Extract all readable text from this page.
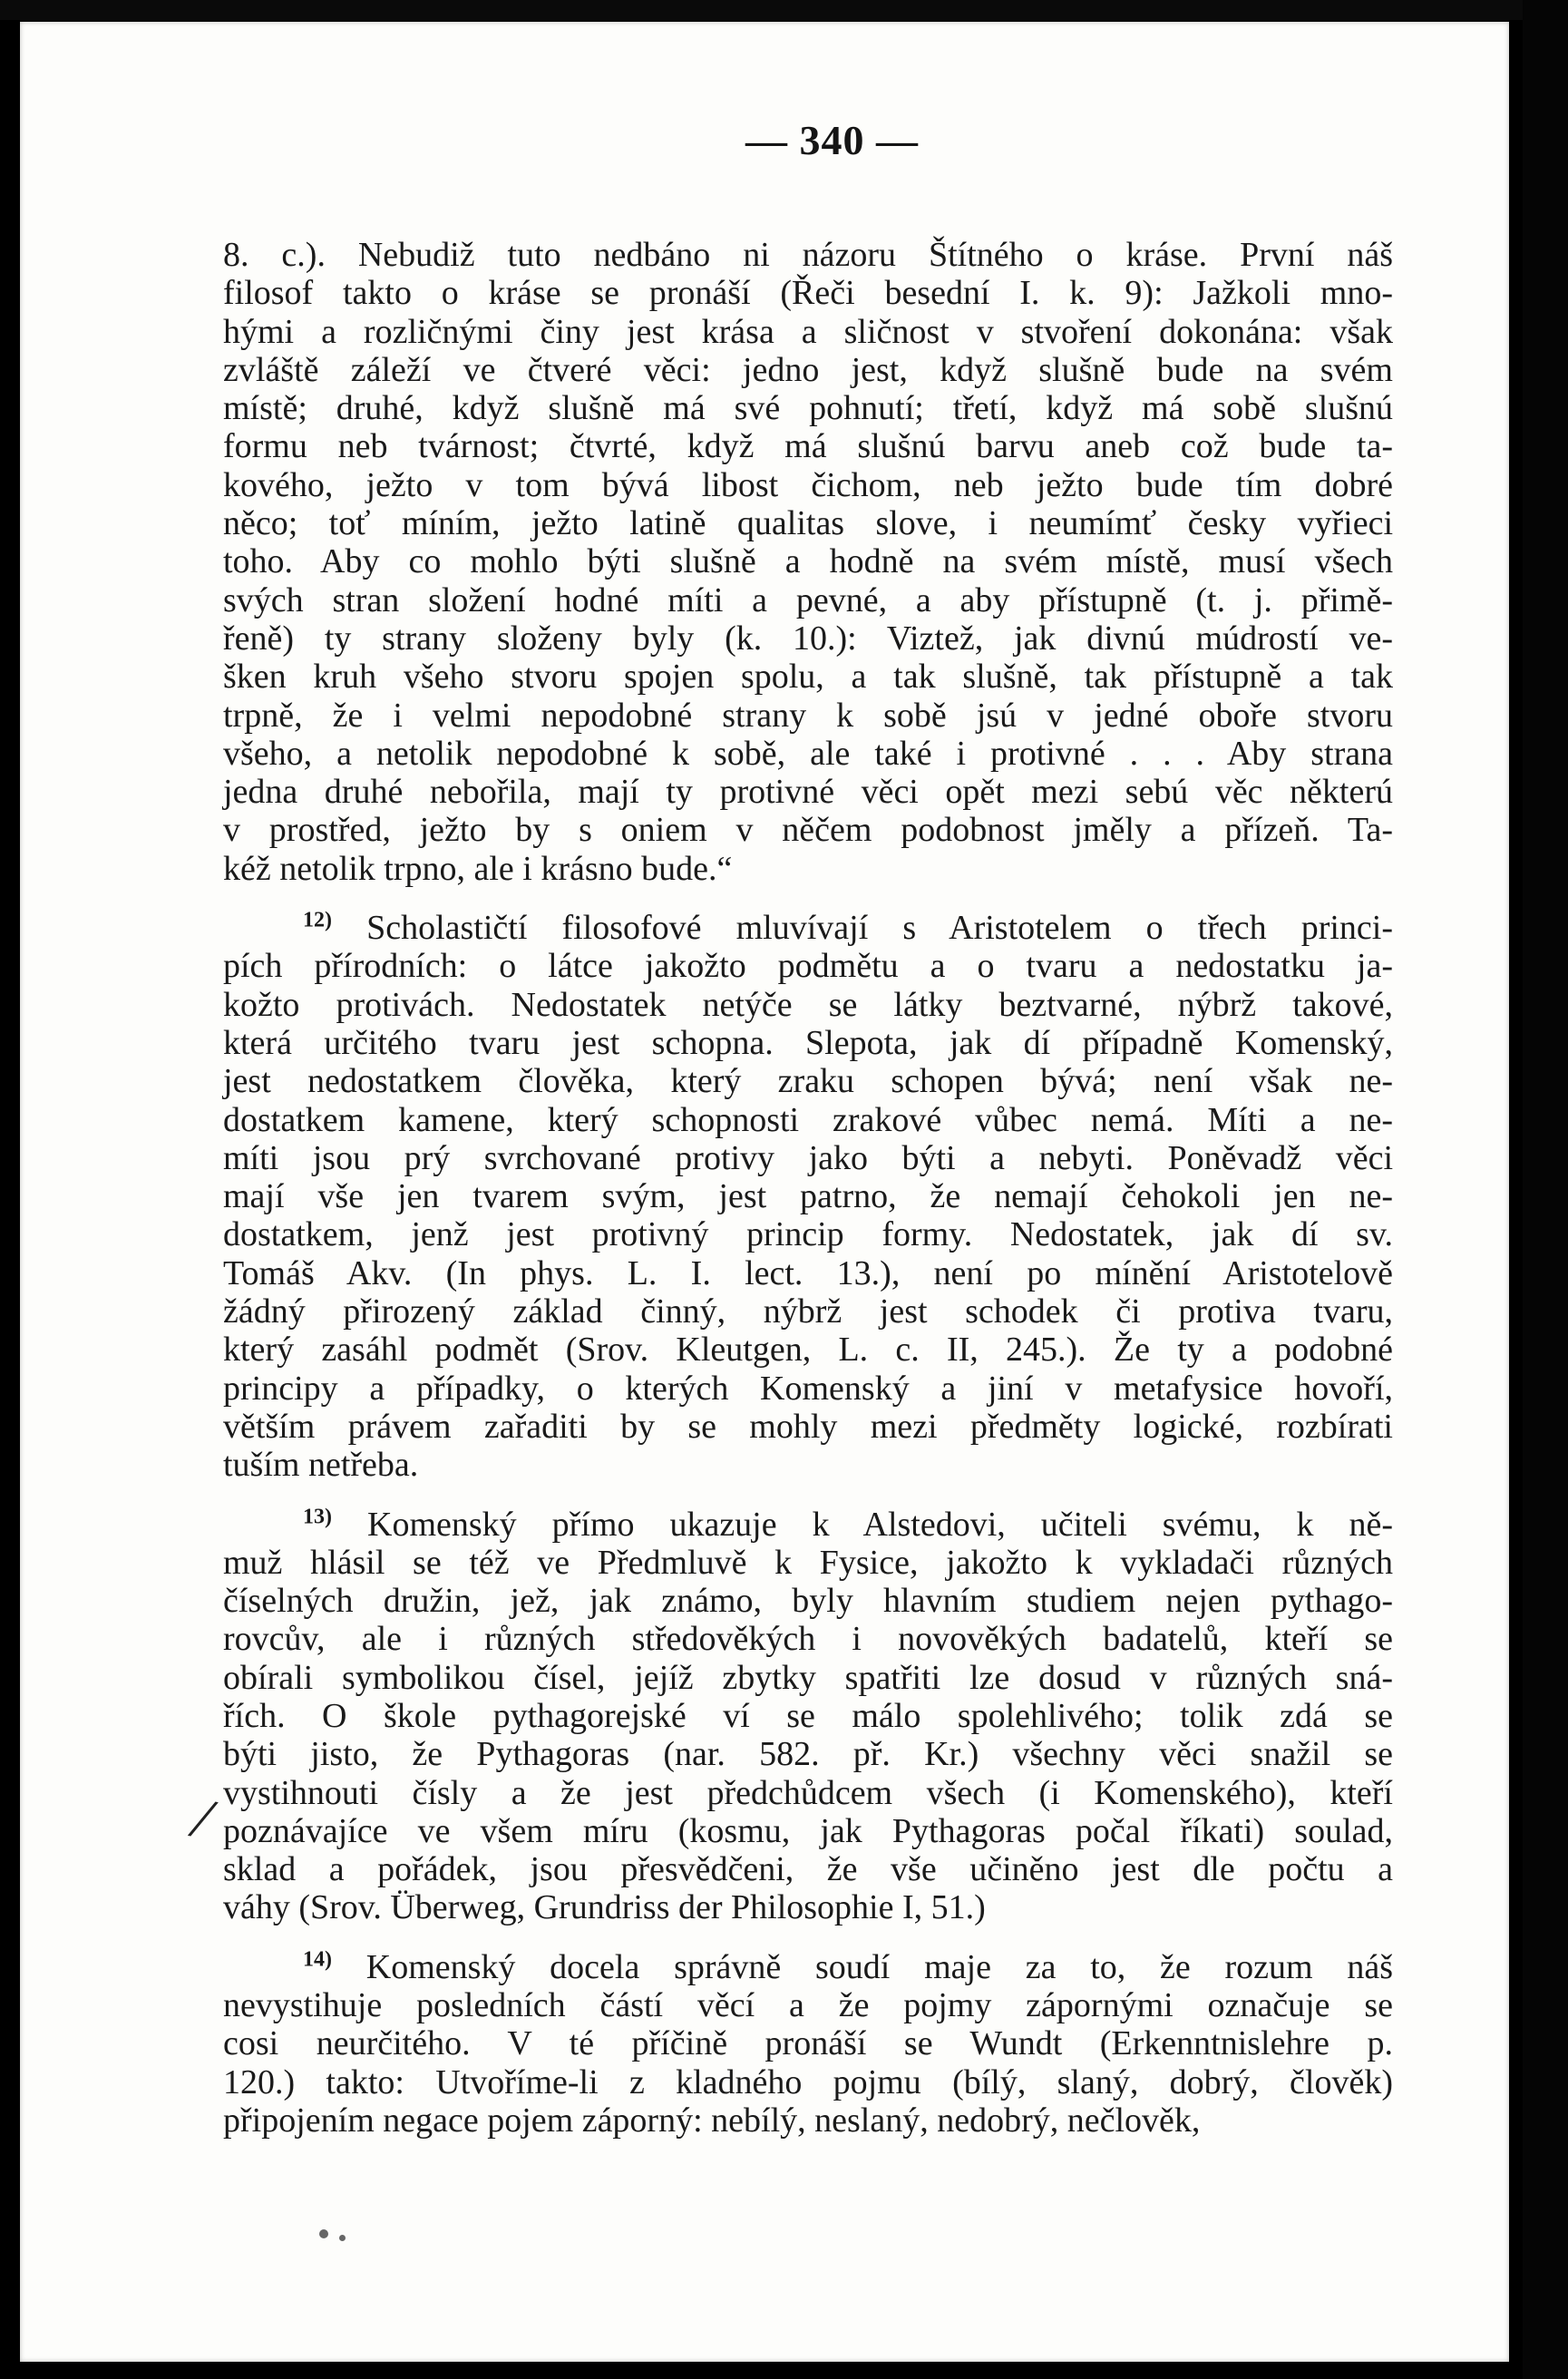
— 340 —

8. c.). Nebudiž tuto nedbáno ni názoru Štítného o kráse. První náš
filosof takto o kráse se pronáší (Řeči besední I. k. 9): Jažkoli mno-
hými a rozličnými činy jest krása a sličnost v stvoření dokonána: však
zvláště záleží ve čtveré věci: jedno jest, když slušně bude na svém
místě; druhé, když slušně má své pohnutí; třetí, když má sobě slušnú
formu neb tvárnost; čtvrté, když má slušnú barvu aneb což bude ta-
kového, ježto v tom bývá libost čichom, neb ježto bude tím dobré
něco; toť míním, ježto latině qualitas slove, i neumímť česky vyřieci
toho. Aby co mohlo býti slušně a hodně na svém místě, musí všech
svých stran složení hodné míti a pevné, a aby přístupně (t. j. přimě-
řeně) ty strany složeny byly (k. 10.): Viztež, jak divnú múdrostí ve-
šken kruh všeho stvoru spojen spolu, a tak slušně, tak přístupně a tak
trpně, že i velmi nepodobné strany k sobě jsú v jedné oboře stvoru
všeho, a netolik nepodobné k sobě, ale také i protivné . . . Aby strana
jedna druhé nebořila, mají ty protivné věci opět mezi sebú věc některú
v prostřed, ježto by s oniem v něčem podobnost jměly a přízeň. Ta-
kéž netolik trpno, ale i krásno bude.“

$^{12)}$ Scholastičtí filosofové mluvívají s Aristotelem o třech princi-
pích přírodních: o látce jakožto podmětu a o tvaru a nedostatku ja-
kožto protivách. Nedostatek netýče se látky beztvarné, nýbrž takové,
která určitého tvaru jest schopna. Slepota, jak dí případně Komenský,
jest nedostatkem člověka, který zraku schopen bývá; není však ne-
dostatkem kamene, který schopnosti zrakové vůbec nemá. Míti a ne-
míti jsou prý svrchované protivy jako býti a nebyti. Poněvadž věci
mají vše jen tvarem svým, jest patrno, že nemají čehokoli jen ne-
dostatkem, jenž jest protivný princip formy. Nedostatek, jak dí sv.
Tomáš Akv. (In phys. L. I. lect. 13.), není po mínění Aristotelově
žádný přirozený základ činný, nýbrž jest schodek či protiva tvaru,
který zasáhl podmět (Srov. Kleutgen, L. c. II, 245.). Že ty a podobné
principy a případky, o kterých Komenský a jiní v metafysice hovoří,
větším právem zařaditi by se mohly mezi předměty logické, rozbírati
tuším netřeba.

$^{13)}$ Komenský přímo ukazuje k Alstedovi, učiteli svému, k ně-
muž hlásil se též ve Předmluvě k Fysice, jakožto k vykladači různých
číselných družin, jež, jak známo, byly hlavním studiem nejen pythago-
rovcův, ale i různých středověkých i novověkých badatelů, kteří se
obírali symbolikou čísel, jejíž zbytky spatřiti lze dosud v různých sná-
řích. O škole pythagorejské ví se málo spolehlivého; tolik zdá se
býti jisto, že Pythagoras (nar. 582. př. Kr.) všechny věci snažil se
vystihnouti čísly a že jest předchůdcem všech (i Komenského), kteří
poznávajíce ve všem míru (kosmu, jak Pythagoras počal říkati) soulad,
sklad a pořádek, jsou přesvědčeni, že vše učiněno jest dle počtu a
váhy (Srov. Überweg, Grundriss der Philosophie I, 51.)

$^{14)}$ Komenský docela správně soudí maje za to, že rozum náš
nevystihuje posledních částí věcí a že pojmy zápornými označuje se
cosi neurčitého. V té příčině pronáší se Wundt (Erkenntnislehre p.
120.) takto: Utvoříme-li z kladného pojmu (bílý, slaný, dobrý, člověk)
připojením negace pojem záporný: nebílý, neslaný, nedobrý, nečlověk,

/
